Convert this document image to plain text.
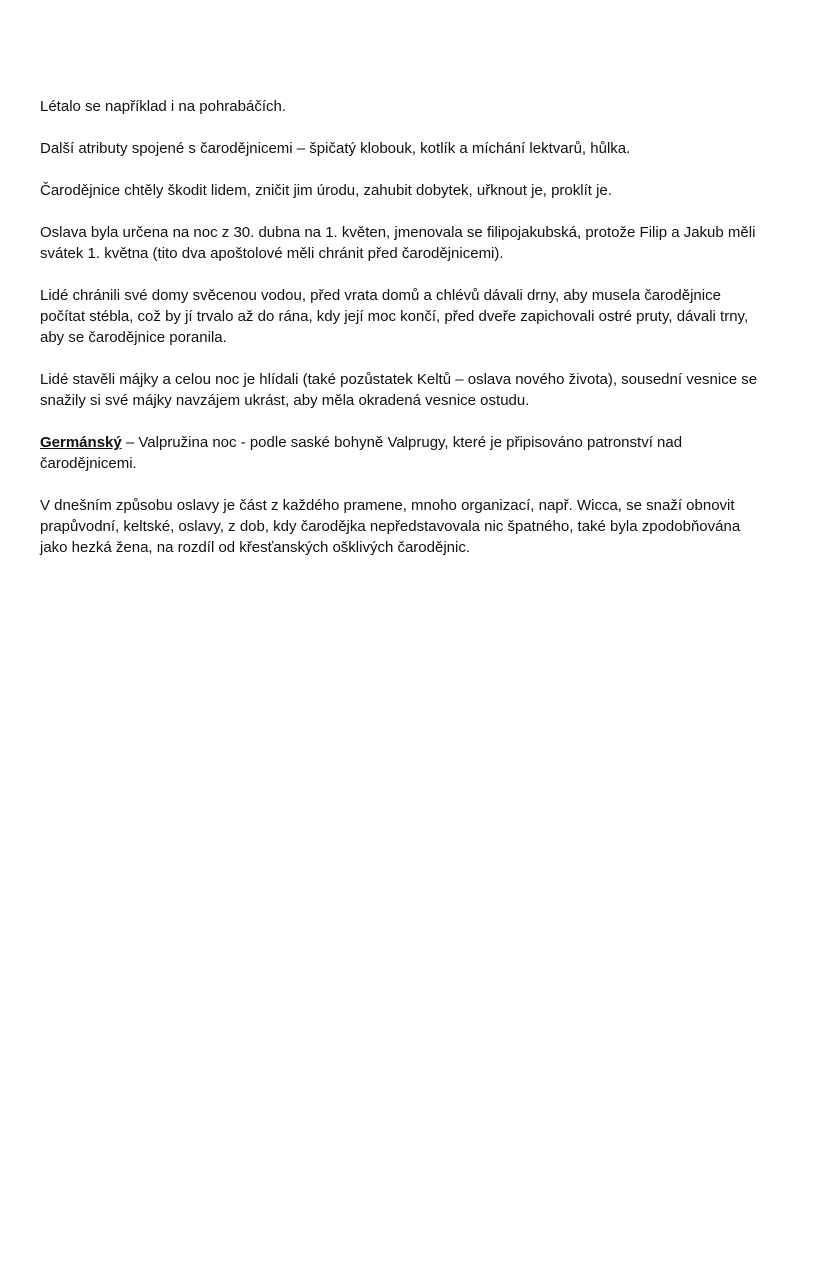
Létalo se například i na pohrabáčích.

Další atributy spojené s čarodějnicemi – špičatý klobouk, kotlík a míchání lektvarů, hůlka.

Čarodějnice chtěly škodit lidem, zničit jim úrodu, zahubit dobytek, uřknout je, proklít je.

Oslava byla určena na noc z 30. dubna na 1. květen, jmenovala se filipojakubská, protože Filip a Jakub měli svátek 1. května (tito dva apoštolové měli chránit před čarodějnicemi).

Lidé chránili své domy svěcenou vodou, před vrata domů a chlévů dávali drny, aby musela čarodějnice počítat stébla, což by jí trvalo až do rána, kdy její moc končí, před dveře zapichovali ostré pruty, dávali trny, aby se čarodějnice poranila.

Lidé stavěli májky a celou noc je hlídali (také pozůstatek Keltů – oslava nového života), sousední vesnice se snažily si své májky navzájem ukrást, aby měla okradená vesnice ostudu.

Germánský – Valpružina noc - podle saské bohyně Valprugy, které je připisováno patronství nad čarodějnicemi.

V dnešním způsobu oslavy je část z každého pramene, mnoho organizací, např. Wicca, se snaží obnovit prapůvodní, keltské, oslavy, z dob, kdy čarodějka nepředstavovala nic špatného, také byla zpodobňována jako hezká žena, na rozdíl od křesťanských ošklivých čarodějnic.
